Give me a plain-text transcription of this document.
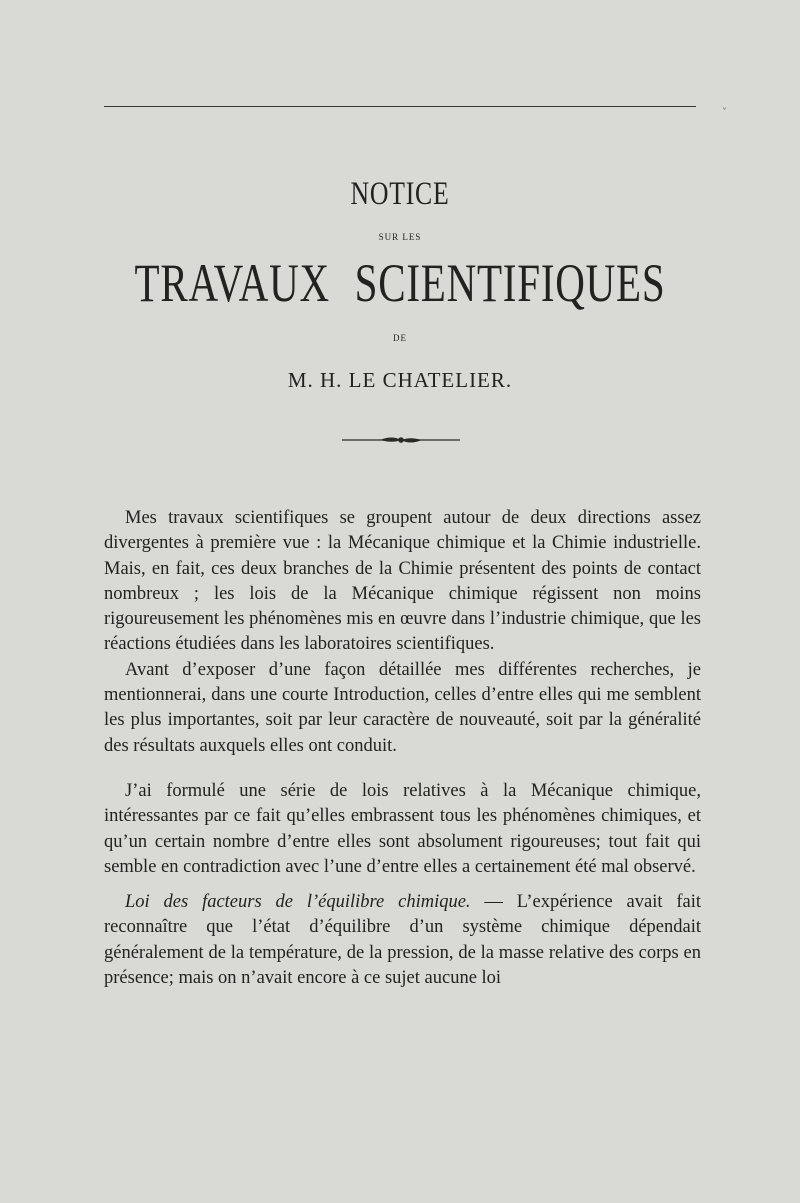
ˇ
NOTICE
SUR LES
TRAVAUX SCIENTIFIQUES
DE
M. H. LE CHATELIER.

Mes travaux scientifiques se groupent autour de deux directions assez divergentes à première vue : la Mécanique chimique et la Chimie industrielle. Mais, en fait, ces deux branches de la Chimie présentent des points de contact nombreux ; les lois de la Mécanique chimique régissent non moins rigoureusement les phénomènes mis en œuvre dans l’industrie chimique, que les réactions étudiées dans les laboratoires scientifiques.

Avant d’exposer d’une façon détaillée mes différentes recherches, je mentionnerai, dans une courte Introduction, celles d’entre elles qui me semblent les plus importantes, soit par leur caractère de nouveauté, soit par la généralité des résultats auxquels elles ont conduit.

J’ai formulé une série de lois relatives à la Mécanique chimique, intéressantes par ce fait qu’elles embrassent tous les phénomènes chimiques, et qu’un certain nombre d’entre elles sont absolument rigoureuses; tout fait qui semble en contradiction avec l’une d’entre elles a certainement été mal observé.

Loi des facteurs de l’équilibre chimique. — L’expérience avait fait reconnaître que l’état d’équilibre d’un système chimique dépendait généralement de la température, de la pression, de la masse relative des corps en présence; mais on n’avait encore à ce sujet aucune loi
